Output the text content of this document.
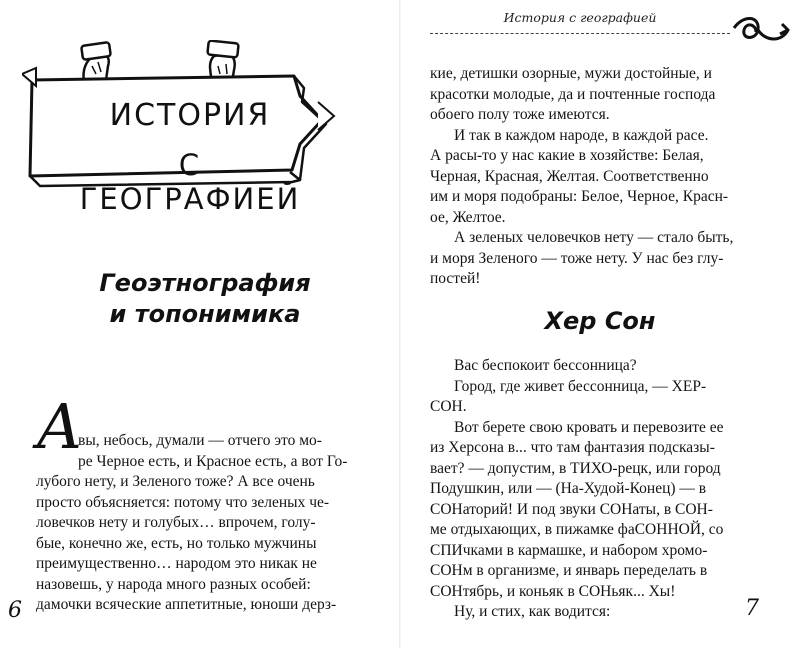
ИСТОРИЯ
С ГЕОГРАФИЕЙ
Геоэтнография
и топонимика
А
вы, небось, думали — отчего это мо-
ре Черное есть, и Красное есть, а вот Го-
лубого нету, и Зеленого тоже? А все очень
просто объясняется: потому что зеленых че-
ловечков нету и голубых… впрочем, голу-
бые, конечно же, есть, но только мужчины
преимущественно… народом это никак не
назовешь, у народа много разных особей:
дамочки всяческие аппетитные, юноши дерз-
6
История с географией
кие, детишки озорные, мужи достойные, и
красотки молодые, да и почтенные господа
обоего полу тоже имеются.
И так в каждом народе, в каждой расе.
А расы-то у нас какие в хозяйстве: Белая,
Черная, Красная, Желтая. Соответственно
им и моря подобраны: Белое, Черное, Красн-
ое, Желтое.
А зеленых человечков нету — стало быть,
и моря Зеленого — тоже нету. У нас без глу-
постей!
Хер Сон
Вас беспокоит бессонница?
Город, где живет бессонница, — ХЕР-
СОН.
Вот берете свою кровать и перевозите ее
из Херсона в... что там фантазия подсказы-
вает? — допустим, в ТИХО-рецк, или город
Подушкин, или — (На-Худой-Конец) — в
СОНаторий! И под звуки СОНаты, в СОН-
ме отдыхающих, в пижамке фаСОННОЙ, со
СПИчками в кармашке, и набором хромо-
СОНм в организме, и январь переделать в
СОНтябрь, и коньяк в СОНьяк... Хы!
Ну, и стих, как водится:	7
